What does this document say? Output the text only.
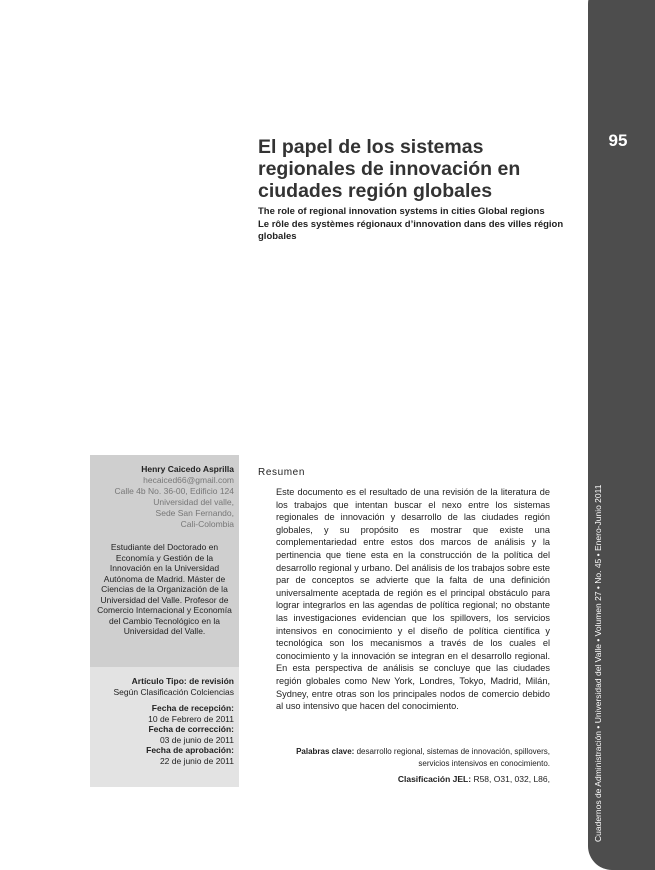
95
Cuadernos de Administración • Universidad del Valle • Volumen 27 • No. 45 • Enero-Junio 2011
El papel de los sistemas regionales de innovación en ciudades región globales
The role of regional innovation systems in cities Global regions
Le rôle des systèmes régionaux d’innovation dans des villes région globales
Henry Caicedo Asprilla
hecaiced66@gmail.com
Calle 4b No. 36-00, Edificio 124
Universidad del valle,
Sede San Fernando,
Cali-Colombia
Estudiante del Doctorado en Economía y Gestión de la Innovación en la Universidad Autónoma de Madrid. Máster de Ciencias de la Organización de la Universidad del Valle. Profesor de Comercio Internacional y Economía del Cambio Tecnológico en la Universidad del Valle.
Artículo Tipo: de revisión
Según Clasificación Colciencias
Fecha de recepción:
10 de Febrero de 2011
Fecha de corrección:
03 de junio de 2011
Fecha de aprobación:
22 de junio de 2011
Resumen
Este documento es el resultado de una revisión de la literatura de los trabajos que intentan buscar el nexo entre los sistemas regionales de innovación y desarrollo de las ciudades región globales, y su propósito es mostrar que existe una complementariedad entre estos dos marcos de análisis y la pertinencia que tiene esta en la construcción de la política del desarrollo regional y urbano. Del análisis de los trabajos sobre este par de conceptos se advierte que la falta de una definición universalmente aceptada de región es el principal obstáculo para lograr integrarlos en las agendas de política regional; no obstante las investigaciones evidencian que los spillovers, los servicios intensivos en conocimiento y el diseño de política científica y tecnológica son los mecanismos a través de los cuales el conocimiento y la innovación se integran en el desarrollo regional. En esta perspectiva de análisis se concluye que las ciudades región globales como New York, Londres, Tokyo, Madrid, Milán, Sydney, entre otras son los principales nodos de comercio debido al uso intensivo que hacen del conocimiento.
Palabras clave: desarrollo regional, sistemas de innovación, spillovers, servicios intensivos en conocimiento.
Clasificación JEL: R58, O31, 032, L86,
